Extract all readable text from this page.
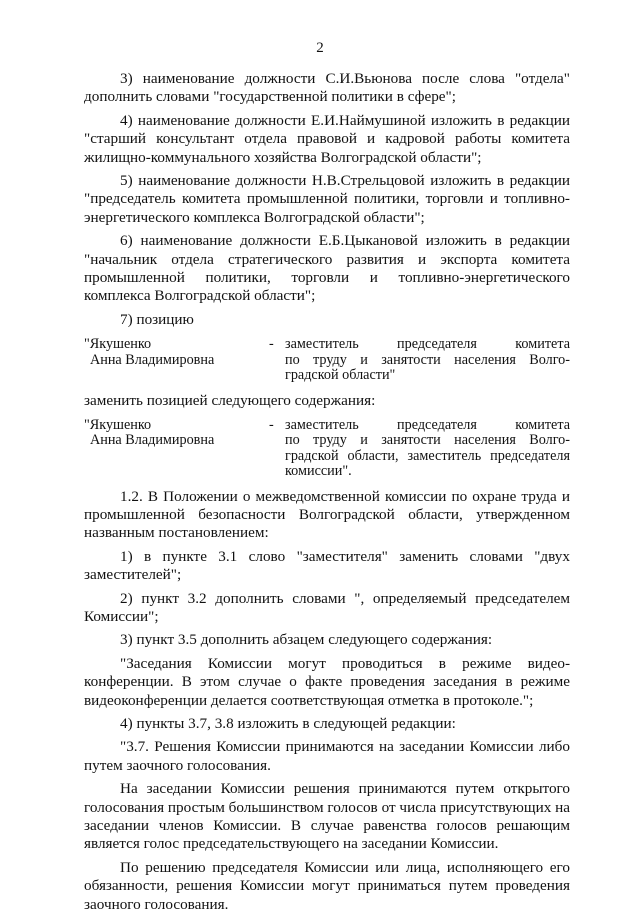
2

3) наименование должности С.И.Вьюнова после слова "отдела" дополнить словами "государственной политики в сфере";

4) наименование должности Е.И.Наймушиной изложить в редакции "старший консультант отдела правовой и кадровой работы комитета жилищно-коммунального хозяйства Волгоградской области";

5) наименование должности Н.В.Стрельцовой изложить в редакции "председатель комитета промышленной политики, торговли и топливно-энергетического комплекса Волгоградской области";

6) наименование должности Е.Б.Цыкановой изложить в редакции "начальник отдела стратегического развития и экспорта комитета промышленной политики, торговли и топливно-энергетического комплекса Волгоградской области";

7) позицию

"Якушенко
Анна Владимировна
- заместитель председателя комитета
по труду и занятости населения Волго-
градской области"

заменить позицией следующего содержания:

"Якушенко
Анна Владимировна
- заместитель председателя комитета
по труду и занятости населения Волго-
градской области, заместитель председателя
комиссии".

1.2. В Положении о межведомственной комиссии по охране труда и промышленной безопасности Волгоградской области, утвержденном названным постановлением:

1) в пункте 3.1 слово "заместителя" заменить словами "двух заместителей";

2) пункт 3.2 дополнить словами ", определяемый председателем Комиссии";

3) пункт 3.5 дополнить абзацем следующего содержания:

"Заседания Комиссии могут проводиться в режиме видео-конференции. В этом случае о факте проведения заседания в режиме видеоконференции делается соответствующая отметка в протоколе.";

4) пункты 3.7, 3.8 изложить в следующей редакции:

"3.7. Решения Комиссии принимаются на заседании Комиссии либо путем заочного голосования.

На заседании Комиссии решения принимаются путем открытого голосования простым большинством голосов от числа присутствующих на заседании членов Комиссии. В случае равенства голосов решающим является голос председательствующего на заседании Комиссии.

По решению председателя Комиссии или лица, исполняющего его обязанности, решения Комиссии могут приниматься путем проведения заочного голосования.
